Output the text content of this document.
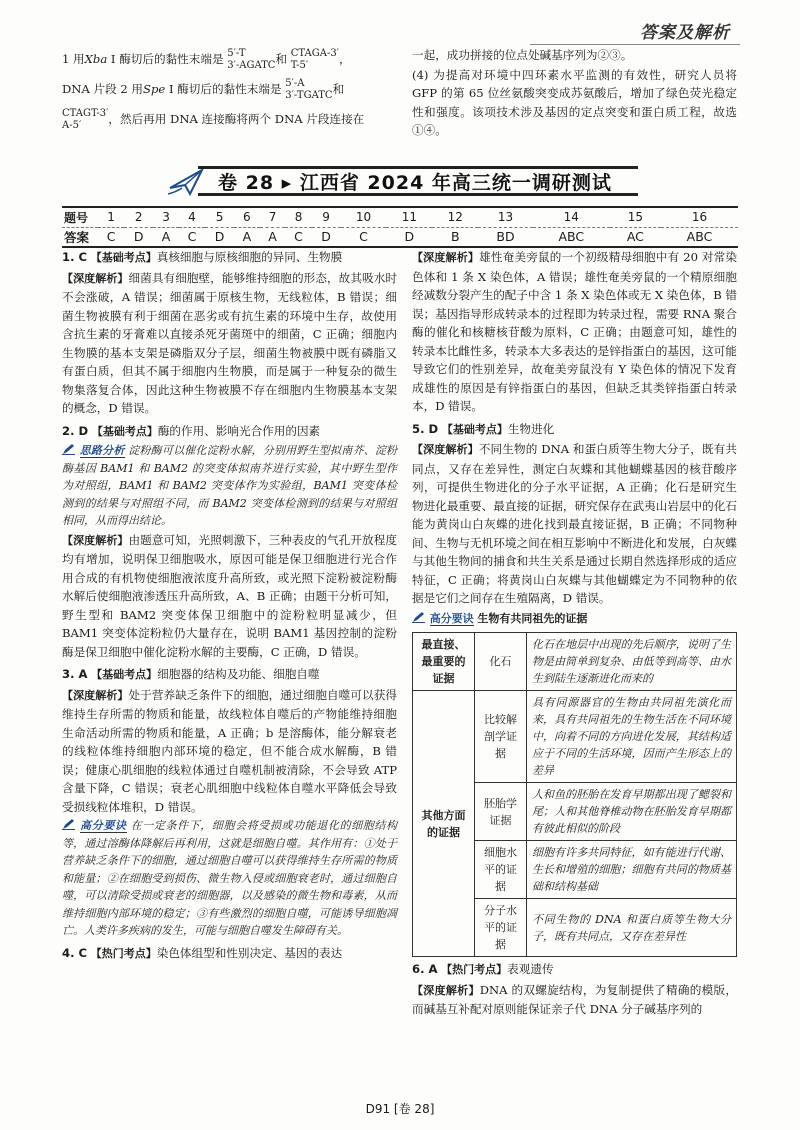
答案及解析
1 用Xba Ⅰ 酶切后的黏性末端是 5′-T
3′-AGATC和 CTAGA-3′
T-5′	，
DNA 片段 2 用Spe Ⅰ 酶切后的黏性末端是 5′-A
3′-TGATC和
CTAGT-3′
A-5′ ，然后再用 DNA 连接酶将两个 DNA 片段连接在
一起，成功拼接的位点处碱基序列为②③。
(4) 为提高对环境中四环素水平监测的有效性，研究人员将 GFP 的第 65 位丝氨酸突变成苏氨酸后，增加了绿色荧光稳定性和强度。该项技术涉及基因的定点突变和蛋白质工程，故选①④。
卷 28 ▸ 江西省 2024 年高三统一调研测试
题号	1	2	3	4	5	6	7	8	9	10	11	12	13	14	15	16
答案	C	D	A	C	D	A	A	C	D	C	D	B	BD	ABC	AC	ABC
1. C 【基础考点】真核细胞与原核细胞的异同、生物膜
【深度解析】细菌具有细胞壁，能够维持细胞的形态，故其吸水时不会涨破，A 错误；细菌属于原核生物，无线粒体，B 错误；细菌生物被膜有利于细菌在恶劣或有抗生素的环境中生存，故使用含抗生素的牙膏难以直接杀死牙菌斑中的细菌，C 正确；细胞内生物膜的基本支架是磷脂双分子层，细菌生物被膜中既有磷脂又有蛋白质，但其不属于细胞内生物膜，而是属于一种复杂的微生物集落复合体，因此这种生物被膜不存在细胞内生物膜基本支架的概念，D 错误。
2. D 【基础考点】酶的作用、影响光合作用的因素
思路分析 淀粉酶可以催化淀粉水解，分别用野生型拟南芥、淀粉酶基因 BAM1 和 BAM2 的突变体拟南芥进行实验，其中野生型作为对照组，BAM1 和 BAM2 突变体作为实验组，BAM1 突变体检测到的结果与对照组不同，而 BAM2 突变体检测到的结果与对照组相同，从而得出结论。
【深度解析】由题意可知，光照刺激下，三种表皮的气孔开放程度均有增加，说明保卫细胞吸水，原因可能是保卫细胞进行光合作用合成的有机物使细胞液浓度升高所致，或光照下淀粉被淀粉酶水解后使细胞液渗透压升高所致，A、B 正确；由题干分析可知，野生型和 BAM2 突变体保卫细胞中的淀粉粒明显减少，但 BAM1 突变体淀粉粒仍大量存在，说明 BAM1 基因控制的淀粉酶是保卫细胞中催化淀粉水解的主要酶，C 正确，D 错误。
3. A 【基础考点】细胞器的结构及功能、细胞自噬
【深度解析】处于营养缺乏条件下的细胞，通过细胞自噬可以获得维持生存所需的物质和能量，故线粒体自噬后的产物能维持细胞生命活动所需的物质和能量，A 正确；b 是溶酶体，能分解衰老的线粒体维持细胞内部环境的稳定，但不能合成水解酶，B 错误；健康心肌细胞的线粒体通过自噬机制被清除，不会导致 ATP 含量下降，C 错误；衰老心肌细胞中线粒体自噬水平降低会导致受损线粒体堆积，D 错误。
高分要诀 在一定条件下，细胞会将受损或功能退化的细胞结构等，通过溶酶体降解后再利用，这就是细胞自噬。其作用有：①处于营养缺乏条件下的细胞，通过细胞自噬可以获得维持生存所需的物质和能量；②在细胞受到损伤、微生物入侵或细胞衰老时，通过细胞自噬，可以清除受损或衰老的细胞器，以及感染的微生物和毒素，从而维持细胞内部环境的稳定；③有些激烈的细胞自噬，可能诱导细胞凋亡。人类许多疾病的发生，可能与细胞自噬发生障碍有关。
4. C 【热门考点】染色体组型和性别决定、基因的表达
【深度解析】雄性奄美旁鼠的一个初级精母细胞中有 20 对常染色体和 1 条 X 染色体，A 错误；雄性奄美旁鼠的一个精原细胞经减数分裂产生的配子中含 1 条 X 染色体或无 X 染色体，B 错误；基因指导形成转录本的过程即为转录过程，需要 RNA 聚合酶的催化和核糖核苷酸为原料，C 正确；由题意可知，雄性的转录本比雌性多，转录本大多表达的是锌指蛋白的基因，这可能导致它们的性别差异，故奄美旁鼠没有 Y 染色体的情况下发育成雄性的原因是有锌指蛋白的基因，但缺乏其类锌指蛋白转录本，D 错误。
5. D 【基础考点】生物进化
【深度解析】不同生物的 DNA 和蛋白质等生物大分子，既有共同点，又存在差异性，测定白灰蝶和其他蝴蝶基因的核苷酸序列，可提供生物进化的分子水平证据，A 正确；化石是研究生物进化最重要、最直接的证据，研究保存在武夷山岩层中的化石能为黄岗山白灰蝶的进化找到最直接证据，B 正确；不同物种间、生物与无机环境之间在相互影响中不断进化和发展，白灰蝶与其他生物间的捕食和共生关系是通过长期自然选择形成的适应特征，C 正确；将黄岗山白灰蝶与其他蝴蝶定为不同物种的依据是它们之间存在生殖隔离，D 错误。
高分要诀 生物有共同祖先的证据
最直接、最重要的证据	化石	化石在地层中出现的先后顺序，说明了生物是由简单到复杂、由低等到高等、由水生到陆生逐渐进化而来的
其他方面的证据	比较解剖学证据	具有同源器官的生物由共同祖先演化而来，具有共同祖先的生物生活在不同环境中，向着不同的方向进化发展，其结构适应于不同的生活环境，因而产生形态上的差异
	胚胎学证据	人和鱼的胚胎在发育早期都出现了鳃裂和尾；人和其他脊椎动物在胚胎发育早期都有彼此相似的阶段
	细胞水平的证据	细胞有许多共同特征，如有能进行代谢、生长和增殖的细胞；细胞有共同的物质基础和结构基础
	分子水平的证据	不同生物的 DNA 和蛋白质等生物大分子，既有共同点，又存在差异性
6. A 【热门考点】表观遗传
【深度解析】DNA 的双螺旋结构，为复制提供了精确的模版，而碱基互补配对原则能保证亲子代 DNA 分子碱基序列的
D91 [卷 28]
